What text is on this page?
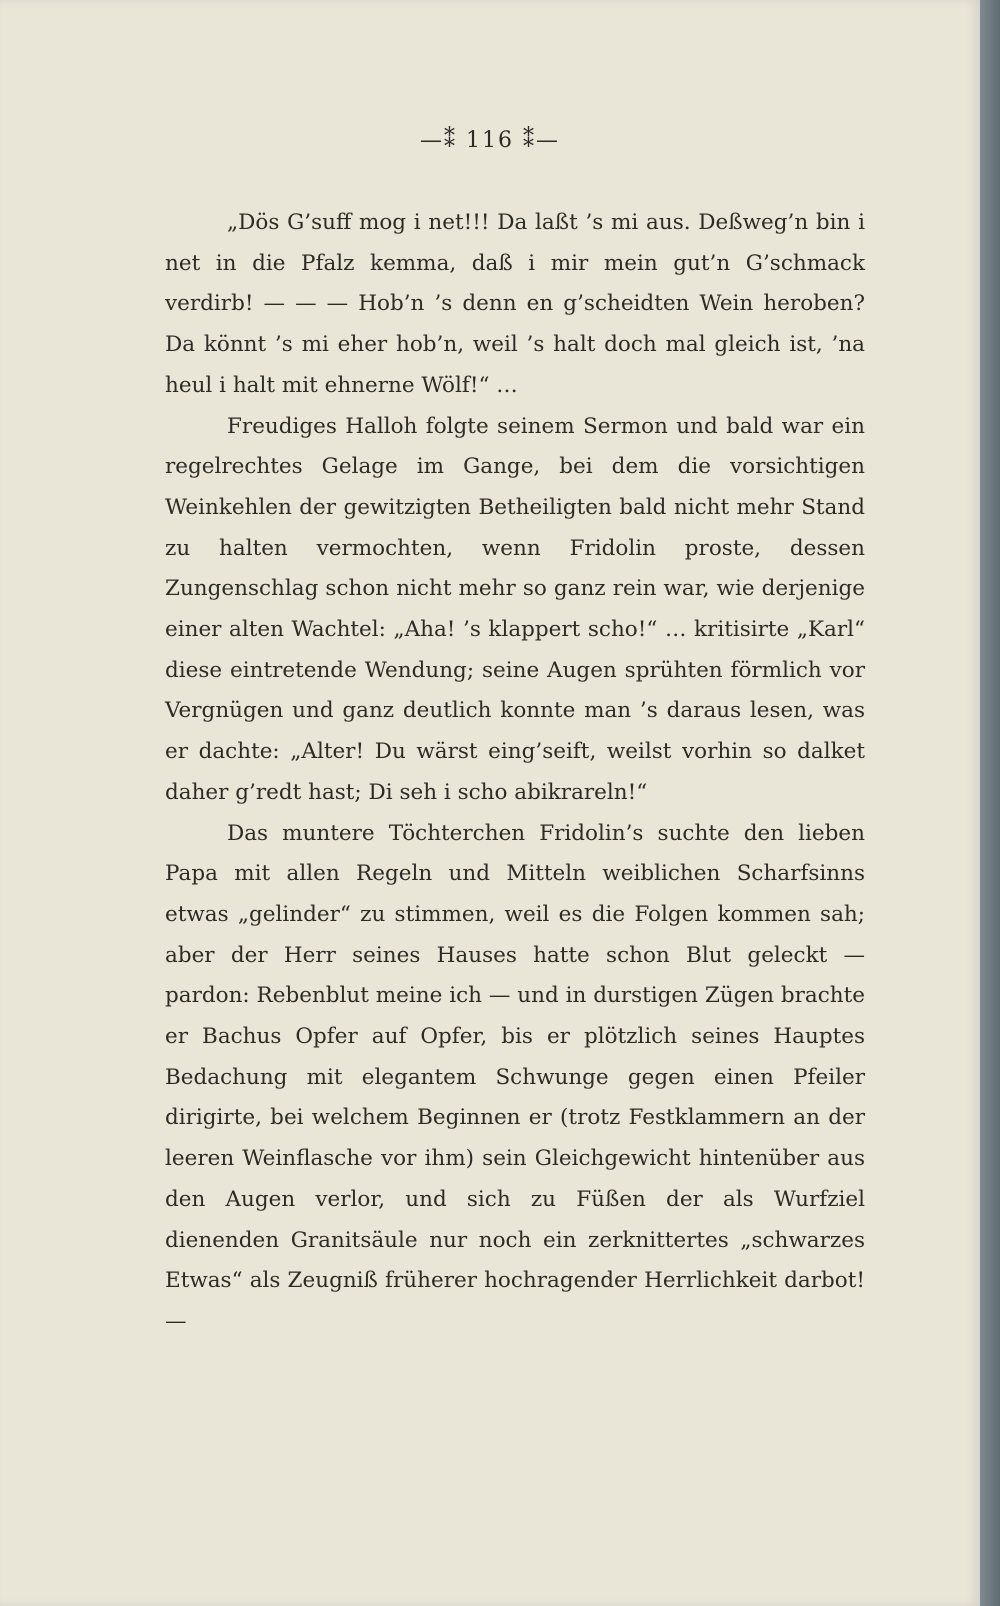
—⁑ 116 ⁑—

„Dös G’suff mog i net!!! Da laßt ’s mi aus. Deßweg’n bin i net in die Pfalz kemma, daß i mir mein gut’n G’schmack verdirb! — — — Hob’n ’s denn en g’scheidten Wein heroben? Da könnt ’s mi eher hob’n, weil ’s halt doch mal gleich ist, ’na heul i halt mit ehnerne Wölf!“ …

Freudiges Halloh folgte seinem Sermon und bald war ein regelrechtes Gelage im Gange, bei dem die vorsichtigen Weinkehlen der gewitzigten Betheiligten bald nicht mehr Stand zu halten vermochten, wenn Fridolin proste, dessen Zungenschlag schon nicht mehr so ganz rein war, wie derjenige einer alten Wachtel: „Aha! ’s klappert scho!“ … kritisirte „Karl“ diese eintretende Wendung; seine Augen sprühten förmlich vor Vergnügen und ganz deutlich konnte man ’s daraus lesen, was er dachte: „Alter! Du wärst eing’seift, weilst vorhin so dalket daher g’redt hast; Di seh i scho abikrareln!“

Das muntere Töchterchen Fridolin’s suchte den lieben Papa mit allen Regeln und Mitteln weiblichen Scharfsinns etwas „gelinder“ zu stimmen, weil es die Folgen kommen sah; aber der Herr seines Hauses hatte schon Blut geleckt — pardon: Rebenblut meine ich — und in durstigen Zügen brachte er Bachus Opfer auf Opfer, bis er plötzlich seines Hauptes Bedachung mit elegantem Schwunge gegen einen Pfeiler dirigirte, bei welchem Beginnen er (trotz Festklammern an der leeren Weinflasche vor ihm) sein Gleichgewicht hintenüber aus den Augen verlor, und sich zu Füßen der als Wurfziel dienenden Granitsäule nur noch ein zerknittertes „schwarzes Etwas“ als Zeugniß früherer hochragender Herrlichkeit darbot! —
